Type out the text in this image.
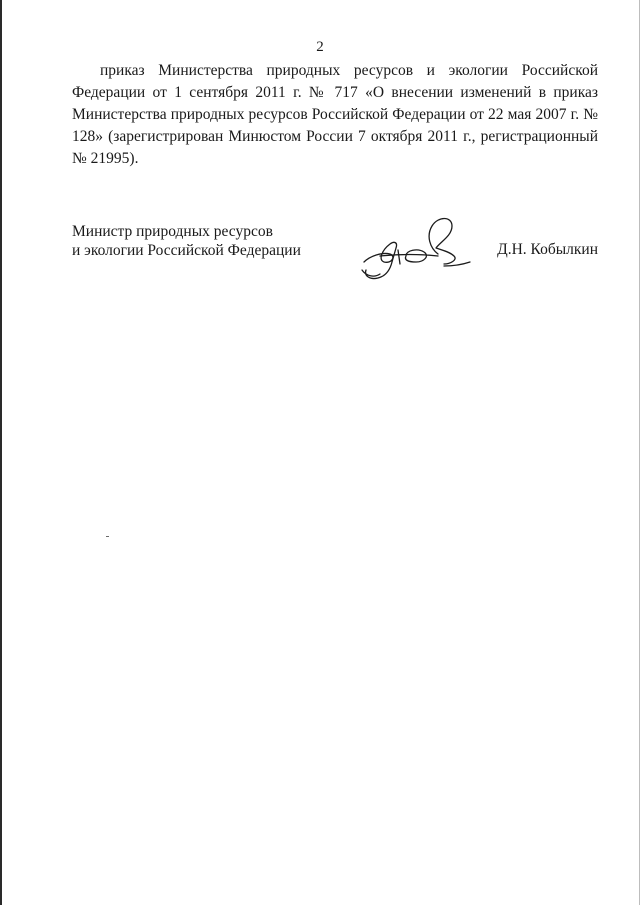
2

приказ Министерства природных ресурсов и экологии Российской Федерации от 1 сентября 2011 г. № 717 «О внесении изменений в приказ Министерства природных ресурсов Российской Федерации от 22 мая 2007 г. № 128» (зарегистрирован Минюстом России 7 октября 2011 г., регистрационный № 21995).

Министр природных ресурсов
и экологии Российской Федерации	Д.Н. Кобылкин
